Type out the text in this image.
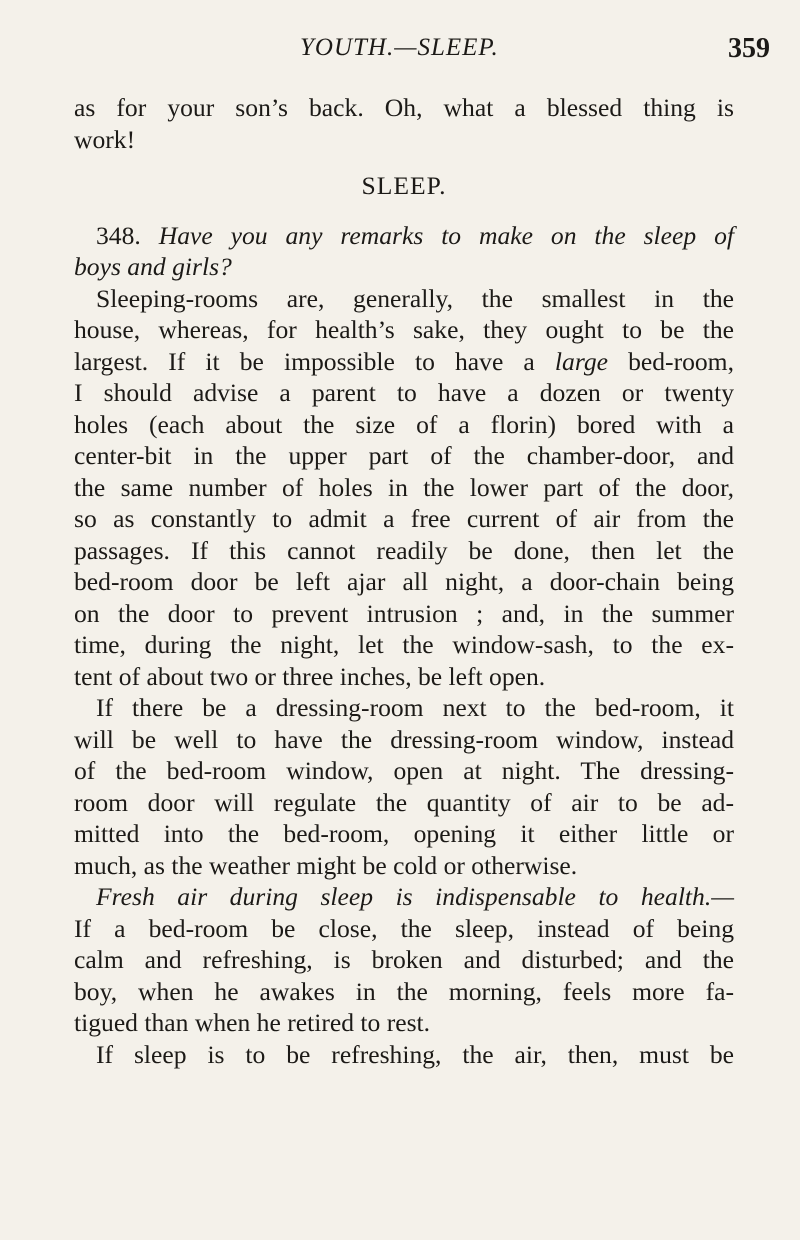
YOUTH.—SLEEP.	359
as for your son’s back. Oh, what a blessed thing is
work!
SLEEP.
348. Have you any remarks to make on the sleep of
boys and girls?
Sleeping-rooms are, generally, the smallest in the
house, whereas, for health’s sake, they ought to be the
largest. If it be impossible to have a large bed-room,
I should advise a parent to have a dozen or twenty
holes (each about the size of a florin) bored with a
center-bit in the upper part of the chamber-door, and
the same number of holes in the lower part of the door,
so as constantly to admit a free current of air from the
passages. If this cannot readily be done, then let the
bed-room door be left ajar all night, a door-chain being
on the door to prevent intrusion ; and, in the summer
time, during the night, let the window-sash, to the ex-
tent of about two or three inches, be left open.
If there be a dressing-room next to the bed-room, it
will be well to have the dressing-room window, instead
of the bed-room window, open at night. The dressing-
room door will regulate the quantity of air to be ad-
mitted into the bed-room, opening it either little or
much, as the weather might be cold or otherwise.
Fresh air during sleep is indispensable to health.—
If a bed-room be close, the sleep, instead of being
calm and refreshing, is broken and disturbed; and the
boy, when he awakes in the morning, feels more fa-
tigued than when he retired to rest.
If sleep is to be refreshing, the air, then, must be
